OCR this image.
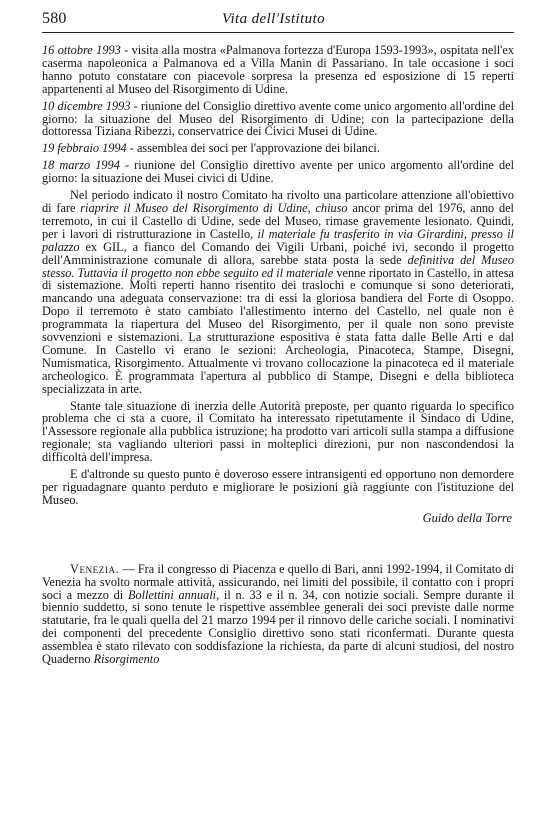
580	Vita dell'Istituto

16 ottobre 1993 - visita alla mostra «Palmanova fortezza d'Europa 1593-1993», ospitata nell'ex caserma napoleonica a Palmanova ed a Villa Manin di Passariano. In tale occasione i soci hanno potuto constatare con piacevole sorpresa la presenza ed esposizione di 15 reperti appartenenti al Museo del Risorgimento di Udine.

10 dicembre 1993 - riunione del Consiglio direttivo avente come unico argomento all'ordine del giorno: la situazione del Museo del Risorgimento di Udine; con la partecipazione della dottoressa Tiziana Ribezzi, conservatrice dei Civici Musei di Udine.

19 febbraio 1994 - assemblea dei soci per l'approvazione dei bilanci.

18 marzo 1994 - riunione del Consiglio direttivo avente per unico argomento all'ordine del giorno: la situazione dei Musei civici di Udine.

Nel periodo indicato il nostro Comitato ha rivolto una particolare attenzione all'obiettivo di fare riaprire il Museo del Risorgimento di Udine, chiuso ancor prima del 1976, anno del terremoto, in cui il Castello di Udine, sede del Museo, rimase gravemente lesionato. Quindi, per i lavori di ristrutturazione in Castello, il materiale fu trasferito in via Girardini, presso il palazzo ex GIL, a fianco del Comando dei Vigili Urbani, poiché ivi, secondo il progetto dell'Amministrazione comunale di allora, sarebbe stata posta la sede definitiva del Museo stesso. Tuttavia il progetto non ebbe seguito ed il materiale venne riportato in Castello, in attesa di sistemazione. Molti reperti hanno risentito dei traslochi e comunque si sono deteriorati, mancando una adeguata conservazione: tra di essi la gloriosa bandiera del Forte di Osoppo. Dopo il terremoto è stato cambiato l'allestimento interno del Castello, nel quale non è programmata la riapertura del Museo del Risorgimento, per il quale non sono previste sovvenzioni e sistemazioni. La strutturazione espositiva è stata fatta dalle Belle Arti e dal Comune. In Castello vi erano le sezioni: Archeologia, Pinacoteca, Stampe, Disegni, Numismatica, Risorgimento. Attualmente vi trovano collocazione la pinacoteca ed il materiale archeologico. È programmata l'apertura al pubblico di Stampe, Disegni e della biblioteca specializzata in arte.

Stante tale situazione di inerzia delle Autorità preposte, per quanto riguarda lo specifico problema che ci sta a cuore, il Comitato ha interessato ripetutamente il Sindaco di Udine, l'Assessore regionale alla pubblica istruzione; ha prodotto vari articoli sulla stampa a diffusione regionale; sta vagliando ulteriori passi in molteplici direzioni, pur non nascondendosi la difficoltà dell'impresa.

E d'altronde su questo punto è doveroso essere intransigenti ed opportuno non demordere per riguadagnare quanto perduto e migliorare le posizioni già raggiunte con l'istituzione del Museo.

Guido della Torre

Venezia. — Fra il congresso di Piacenza e quello di Bari, anni 1992-1994, il Comitato di Venezia ha svolto normale attività, assicurando, nei limiti del possibile, il contatto con i propri soci a mezzo di Bollettini annuali, il n. 33 e il n. 34, con notizie sociali. Sempre durante il biennio suddetto, si sono tenute le rispettive assemblee generali dei soci previste dalle norme statutarie, fra le quali quella del 21 marzo 1994 per il rinnovo delle cariche sociali. I nominativi dei componenti del precedente Consiglio direttivo sono stati riconfermati. Durante questa assemblea è stato rilevato con soddisfazione la richiesta, da parte di alcuni studiosi, del nostro Quaderno Risorgimento
